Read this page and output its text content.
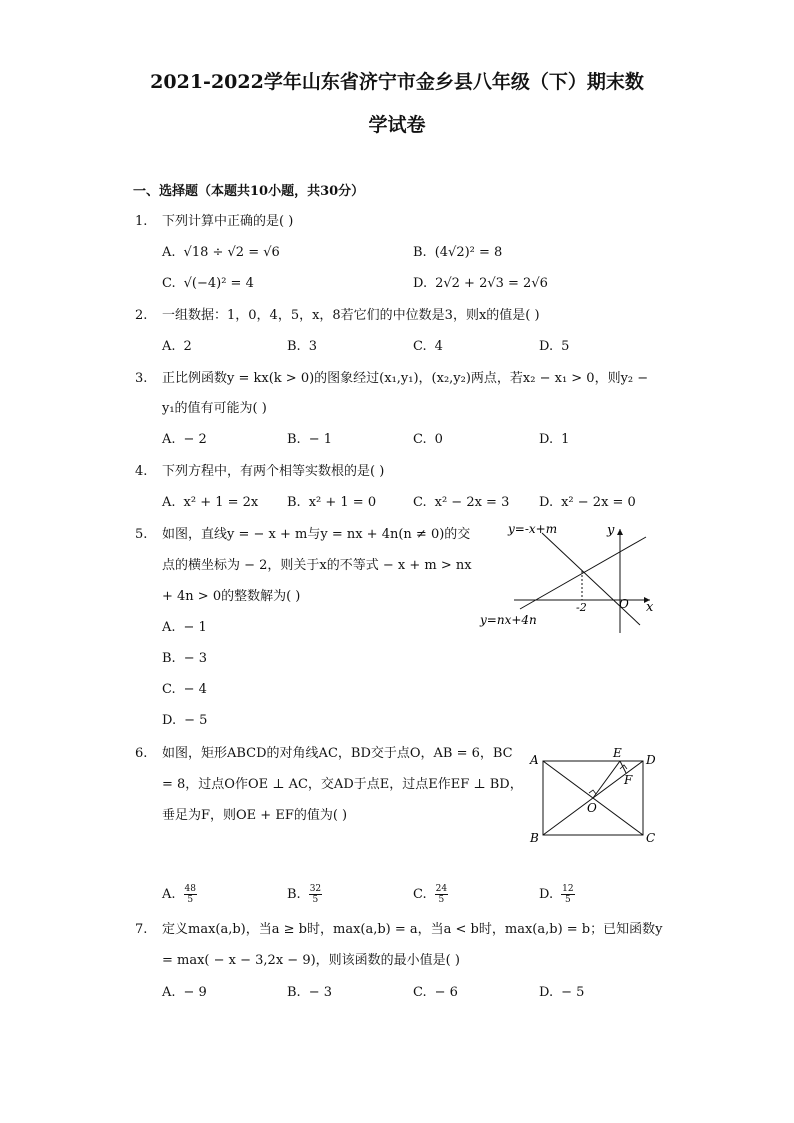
2021-2022学年山东省济宁市金乡县八年级（下）期末数
学试卷
一、选择题（本题共10小题，共30分）
1. 下列计算中正确的是( )
A. √18 ÷ √2 = √6	B. (4√2)² = 8
C. √(−4)² = 4	D. 2√2 + 2√3 = 2√6
2. 一组数据：1，0，4，5，x，8若它们的中位数是3，则x的值是( )
A. 2	B. 3	C. 4	D. 5
3. 正比例函数y = kx(k > 0)的图象经过(x₁,y₁)，(x₂,y₂)两点，若x₂ − x₁ > 0，则y₂ −
y₁的值有可能为( )
A. − 2	B. − 1	C. 0	D. 1
4. 下列方程中，有两个相等实数根的是( )
A. x² + 1 = 2x B. x² + 1 = 0	C. x² − 2x = 3 D. x² − 2x = 0
5. 如图，直线y = − x + m与y = nx + 4n(n ≠ 0)的交
点的横坐标为 − 2，则关于x的不等式 − x + m > nx
+ 4n > 0的整数解为( )
A. − 1
B. − 3
C. − 4
D. − 5
y=-x+m
y=nx+4n
y
x
O
-2
6. 如图，矩形ABCD的对角线AC，BD交于点O，AB = 6，BC
= 8，过点O作OE ⊥ AC，交AD于点E，过点E作EF ⊥ BD，
垂足为F，则OE + EF的值为( )
A
B	C
D
E
F
O
A. $\frac{48}{5}$	B. $\frac{32}{5}$	C. $\frac{24}{5}$	D. $\frac{12}{5}$
7. 定义max(a,b)，当a ≥ b时，max(a,b) = a，当a < b时，max(a,b) = b；已知函数y
= max( − x − 3,2x − 9)，则该函数的最小值是( )
A. − 9	B. − 3	C. − 6	D. − 5
